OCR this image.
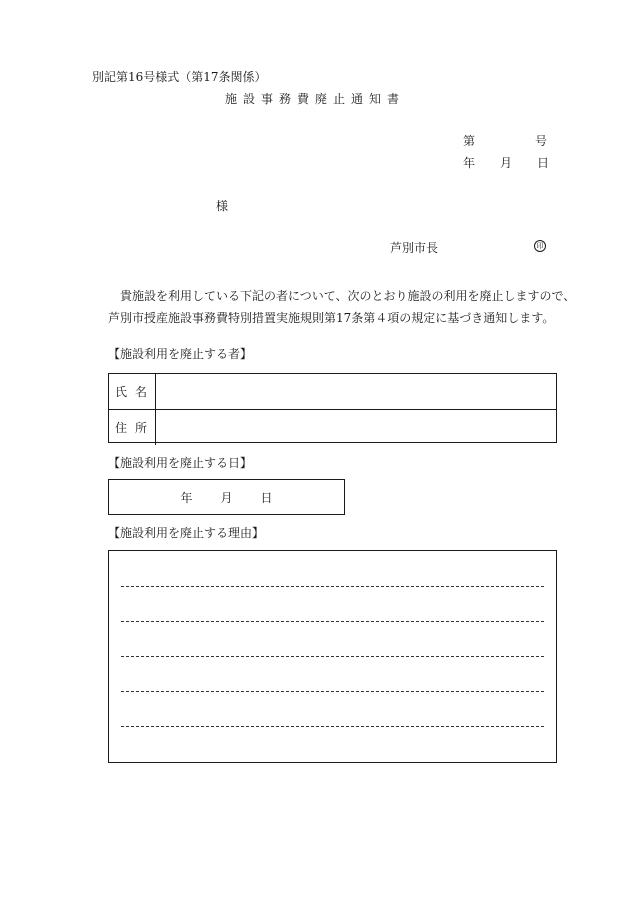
別記第16号様式（第17条関係）
施設事務費廃止通知書
第	号
年 月 日
様
芦別市長	印

貴施設を利用している下記の者について、次のとおり施設の利用を廃止しますので、

芦別市授産施設事務費特別措置実施規則第17条第４項の規定に基づき通知します。

【施設利用を廃止する者】
氏名
住所
【施設利用を廃止する日】
年 月 日
【施設利用を廃止する理由】
